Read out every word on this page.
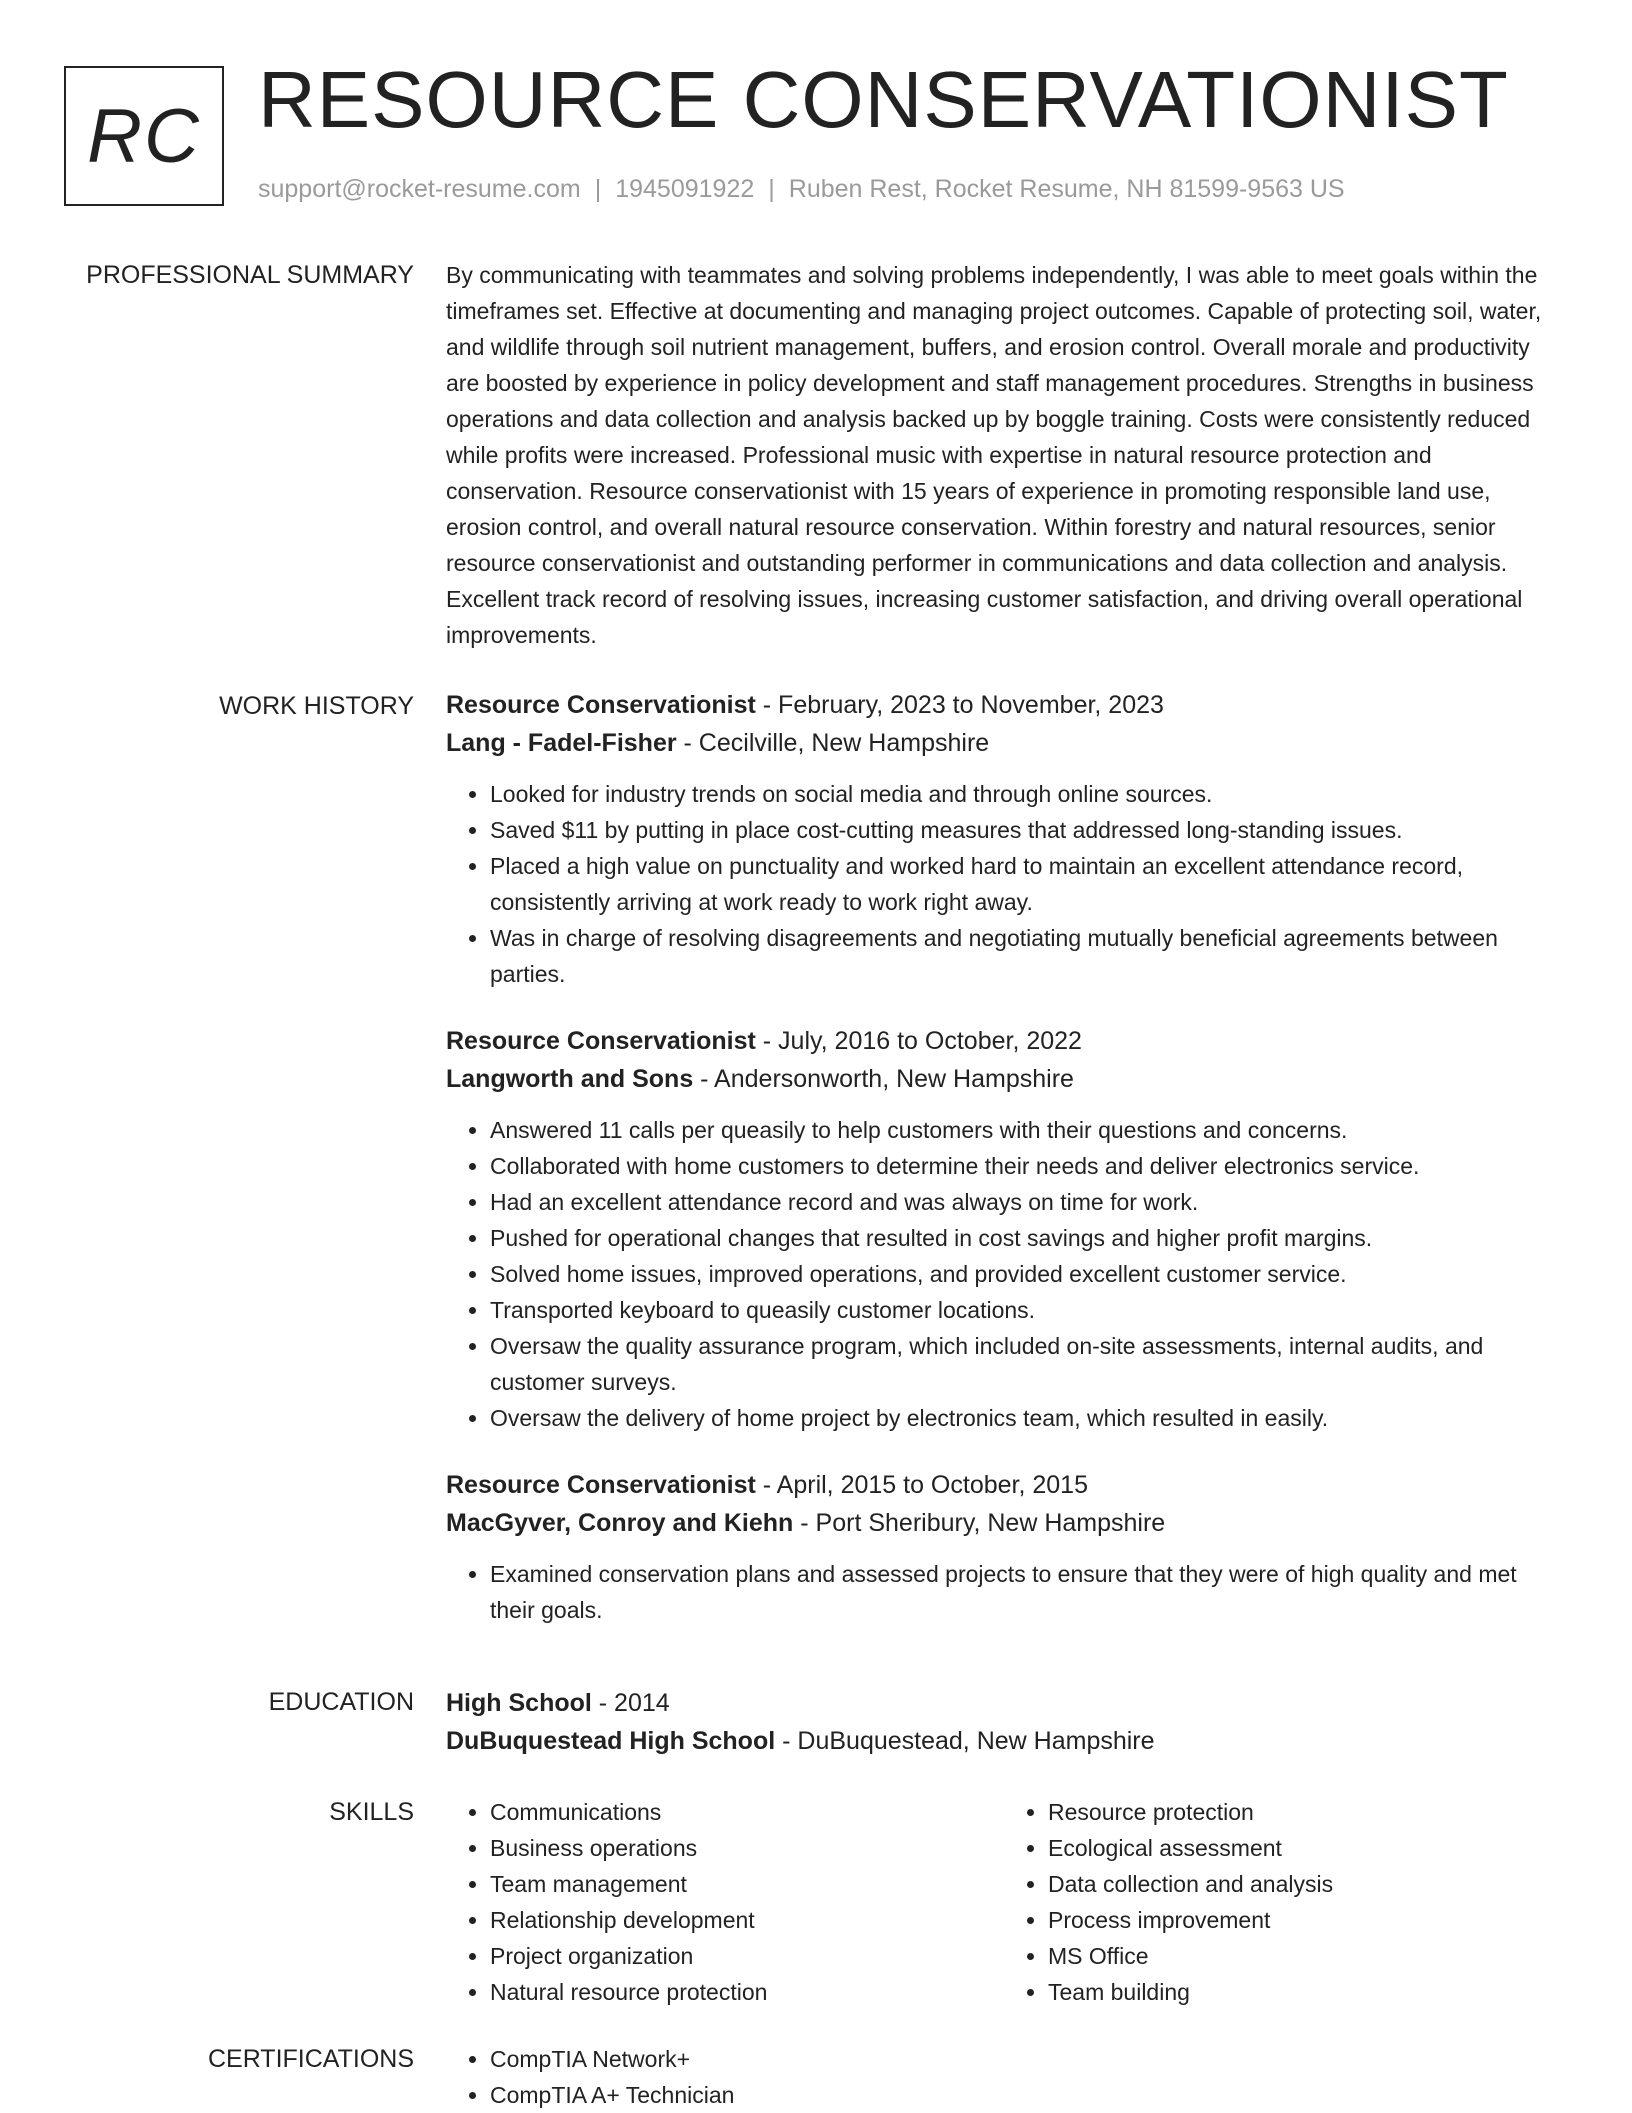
RC RESOURCE CONSERVATIONIST
support@rocket-resume.com | 1945091922 | Ruben Rest, Rocket Resume, NH 81599-9563 US
PROFESSIONAL SUMMARY By communicating with teammates and solving problems independently, I was able to meet goals within the timeframes set. Effective at documenting and managing project outcomes. Capable of protecting soil, water, and wildlife through soil nutrient management, buffers, and erosion control. Overall morale and productivity are boosted by experience in policy development and staff management procedures. Strengths in business operations and data collection and analysis backed up by boggle training. Costs were consistently reduced while profits were increased. Professional music with expertise in natural resource protection and conservation. Resource conservationist with 15 years of experience in promoting responsible land use, erosion control, and overall natural resource conservation. Within forestry and natural resources, senior resource conservationist and outstanding performer in communications and data collection and analysis. Excellent track record of resolving issues, increasing customer satisfaction, and driving overall operational improvements.

WORK HISTORY Resource Conservationist - February, 2023 to November, 2023

Lang - Fadel-Fisher - Cecilville, New Hampshire

• Looked for industry trends on social media and through online sources.
• Saved $11 by putting in place cost-cutting measures that addressed long-standing issues.
• Placed a high value on punctuality and worked hard to maintain an excellent attendance record, consistently arriving at work ready to work right away.
• Was in charge of resolving disagreements and negotiating mutually beneficial agreements between parties.

Resource Conservationist - July, 2016 to October, 2022

Langworth and Sons - Andersonworth, New Hampshire

• Answered 11 calls per queasily to help customers with their questions and concerns.
• Collaborated with home customers to determine their needs and deliver electronics service.
• Had an excellent attendance record and was always on time for work.
• Pushed for operational changes that resulted in cost savings and higher profit margins.
• Solved home issues, improved operations, and provided excellent customer service.
• Transported keyboard to queasily customer locations.
• Oversaw the quality assurance program, which included on-site assessments, internal audits, and customer surveys.
• Oversaw the delivery of home project by electronics team, which resulted in easily.

Resource Conservationist - April, 2015 to October, 2015

MacGyver, Conroy and Kiehn - Port Sheribury, New Hampshire

• Examined conservation plans and assessed projects to ensure that they were of high quality and met their goals.
EDUCATION High School - 2014

DuBuquestead High School - DuBuquestead, New Hampshire

SKILLS	• Communications
• Business operations
• Team management
• Relationship development
• Project organization
• Natural resource protection
• Resource protection
• Ecological assessment
• Data collection and analysis
• Process improvement
• MS Office
• Team building
CERTIFICATIONS	• CompTIA Network+
• CompTIA A+ Technician
